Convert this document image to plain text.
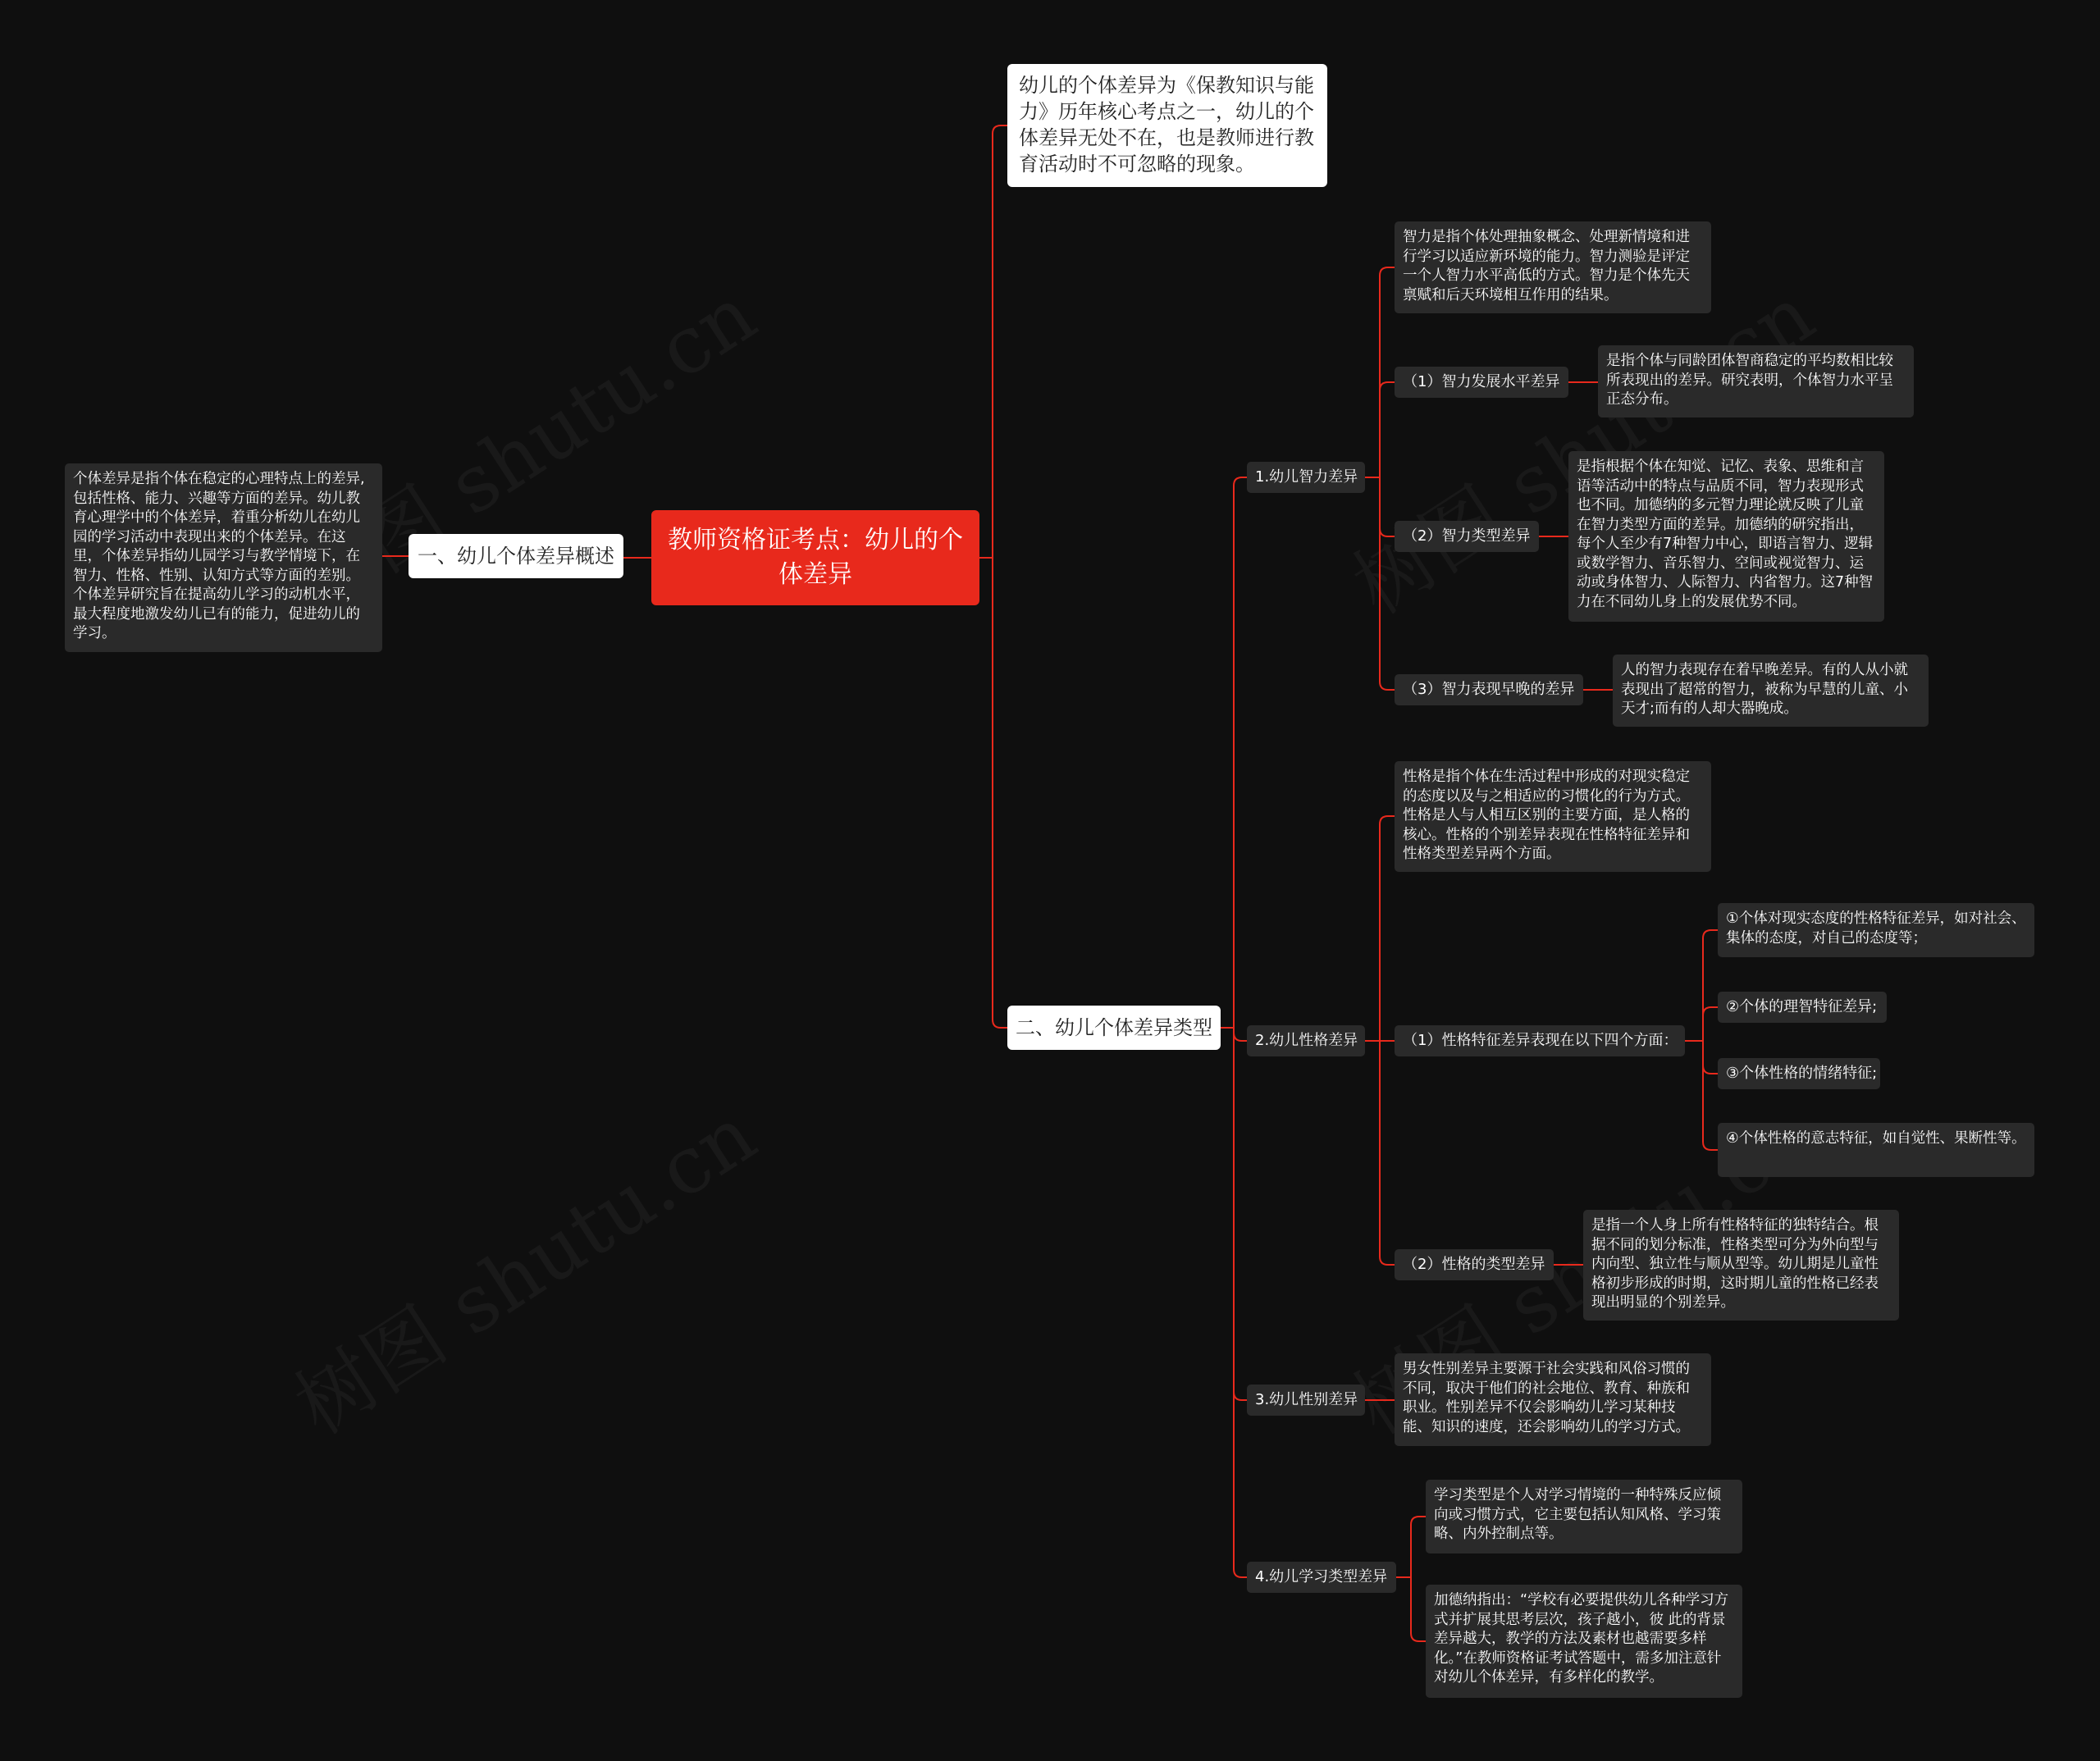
教师资格证考点：幼儿的个体差异
一、幼儿个体差异概述
个体差异是指个体在稳定的心理特点上的差异,包括性格、能力、兴趣等方面的差异。幼儿教育心理学中的个体差异，着重分析幼儿在幼儿园的学习活动中表现出来的个体差异。在这里，个体差异指幼儿园学习与教学情境下，在智力、性格、性别、认知方式等方面的差别。个体差异研究旨在提高幼儿学习的动机水平，最大程度地激发幼儿已有的能力，促进幼儿的学习。
幼儿的个体差异为《保教知识与能力》历年核心考点之一，幼儿的个体差异无处不在，也是教师进行教育活动时不可忽略的现象。
二、幼儿个体差异类型
1.幼儿智力差异
智力是指个体处理抽象概念、处理新情境和进行学习以适应新环境的能力。智力测验是评定一个人智力水平高低的方式。智力是个体先天禀赋和后天环境相互作用的结果。
（1）智力发展水平差异
是指个体与同龄团体智商稳定的平均数相比较所表现出的差异。研究表明，个体智力水平呈正态分布。
（2）智力类型差异
是指根据个体在知觉、记忆、表象、思维和言语等活动中的特点与品质不同，智力表现形式也不同。加德纳的多元智力理论就反映了儿童在智力类型方面的差异。加德纳的研究指出，每个人至少有7种智力中心，即语言智力、逻辑或数学智力、音乐智力、空间或视觉智力、运动或身体智力、人际智力、内省智力。这7种智力在不同幼儿身上的发展优势不同。
（3）智力表现早晚的差异
人的智力表现存在着早晚差异。有的人从小就表现出了超常的智力，被称为早慧的儿童、小天才;而有的人却大器晚成。
2.幼儿性格差异
性格是指个体在生活过程中形成的对现实稳定的态度以及与之相适应的习惯化的行为方式。性格是人与人相互区别的主要方面，是人格的核心。性格的个别差异表现在性格特征差异和性格类型差异两个方面。
（1）性格特征差异表现在以下四个方面：
①个体对现实态度的性格特征差异，如对社会、集体的态度，对自己的态度等；
②个体的理智特征差异;
③个体性格的情绪特征;
④个体性格的意志特征，如自觉性、果断性等。
（2）性格的类型差异
是指一个人身上所有性格特征的独特结合。根据不同的划分标准，性格类型可分为外向型与内向型、独立性与顺从型等。幼儿期是儿童性格初步形成的时期，这时期儿童的性格已经表现出明显的个别差异。
3.幼儿性别差异
男女性别差异主要源于社会实践和风俗习惯的不同，取决于他们的社会地位、教育、种族和职业。性别差异不仅会影响幼儿学习某种技能、知识的速度，还会影响幼儿的学习方式。
4.幼儿学习类型差异
学习类型是个人对学习情境的一种特殊反应倾向或习惯方式，它主要包括认知风格、学习策略、内外控制点等。
加德纳指出：“学校有必要提供幼儿各种学习方式并扩展其思考层次，孩子越小，彼 此的背景差异越大，教学的方法及素材也越需要多样化。”在教师资格证考试答题中，需多加注意针对幼儿个体差异，有多样化的教学。
